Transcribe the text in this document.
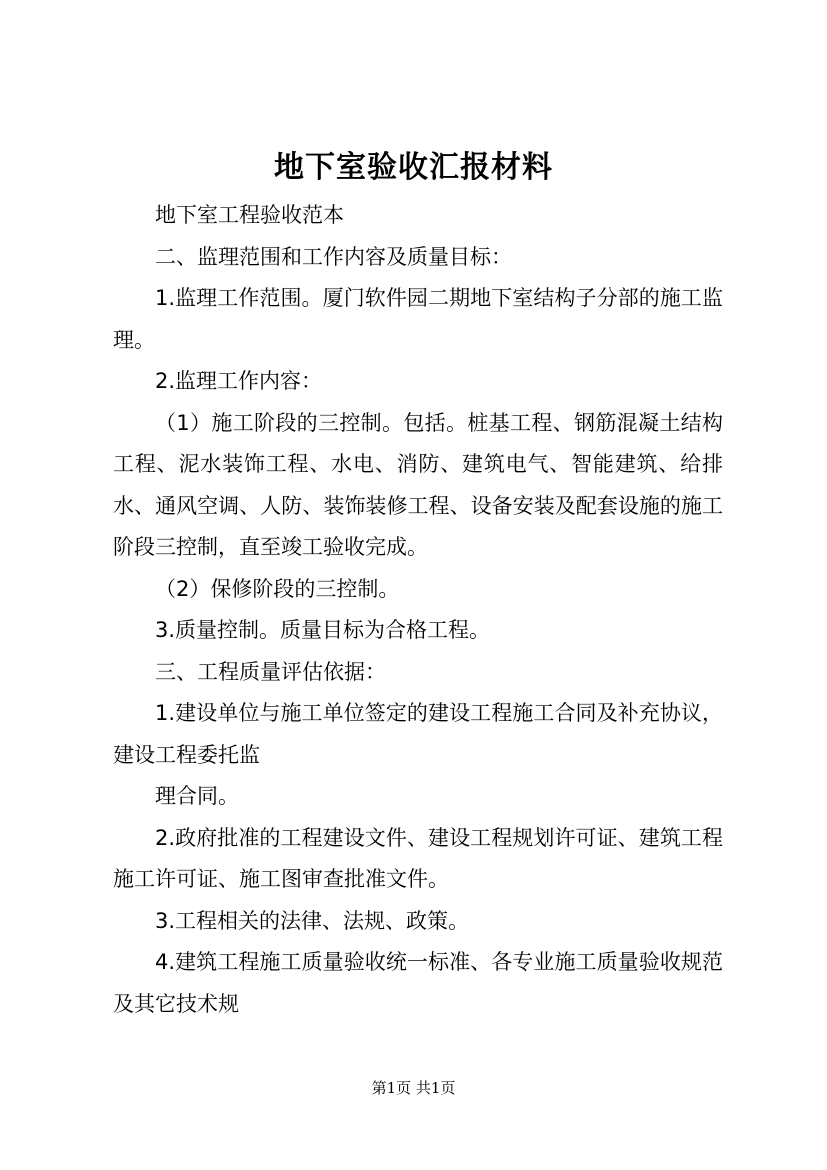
地下室验收汇报材料

地下室工程验收范本

二、监理范围和工作内容及质量目标：

1.监理工作范围。厦门软件园二期地下室结构子分部的施工监理。

2.监理工作内容：

（1）施工阶段的三控制。包括。桩基工程、钢筋混凝土结构工程、泥水装饰工程、水电、消防、建筑电气、智能建筑、给排水、通风空调、人防、装饰装修工程、设备安装及配套设施的施工阶段三控制，直至竣工验收完成。

（2）保修阶段的三控制。

3.质量控制。质量目标为合格工程。

三、工程质量评估依据：

1.建设单位与施工单位签定的建设工程施工合同及补充协议，建设工程委托监

理合同。

2.政府批准的工程建设文件、建设工程规划许可证、建筑工程施工许可证、施工图审查批准文件。

3.工程相关的法律、法规、政策。

4.建筑工程施工质量验收统一标准、各专业施工质量验收规范及其它技术规

第1页 共1页
